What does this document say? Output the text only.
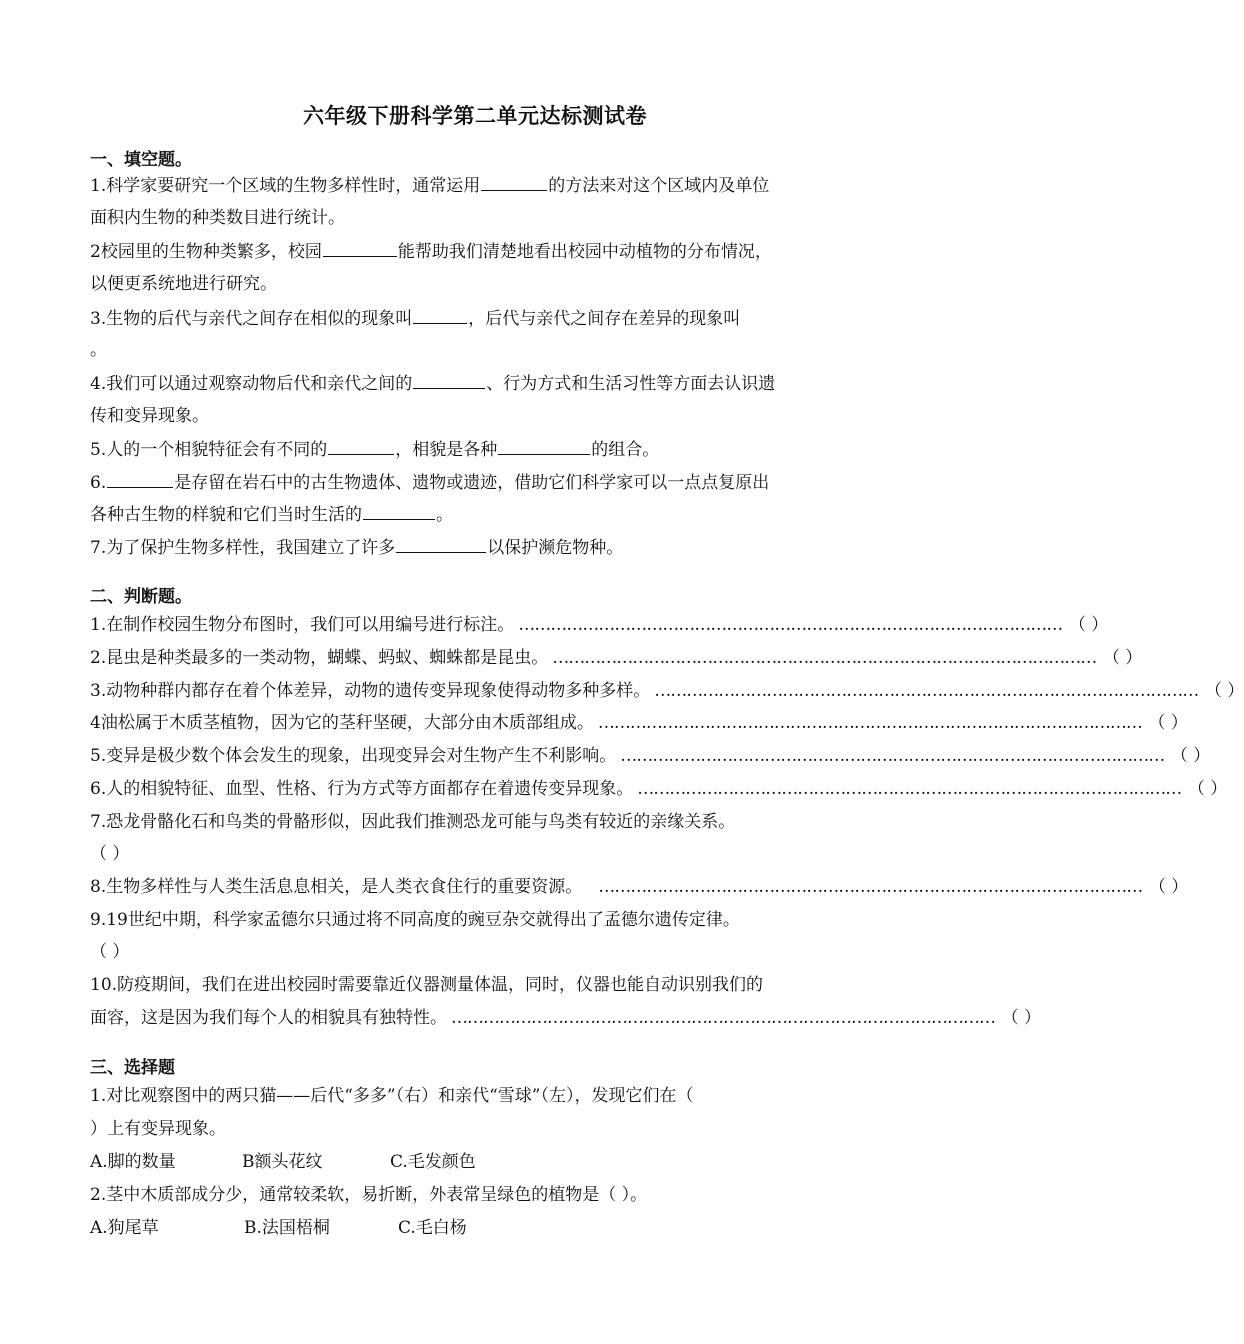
六年级下册科学第二单元达标测试卷
一、填空题。
1.科学家要研究一个区域的生物多样性时，通常运用	的方法来对这个区域内及单位
面积内生物的种类数目进行统计。
2校园里的生物种类繁多，校园	能帮助我们清楚地看出校园中动植物的分布情况，
以便更系统地进行研究。
3.生物的后代与亲代之间存在相似的现象叫	，后代与亲代之间存在差异的现象叫
。
4.我们可以通过观察动物后代和亲代之间的	、行为方式和生活习性等方面去认识遗
传和变异现象。
5.人的一个相貌特征会有不同的	，相貌是各种	的组合。
6.	是存留在岩石中的古生物遗体、遗物或遗迹，借助它们科学家可以一点点复原出
各种古生物的样貌和它们当时生活的	。
7.为了保护生物多样性，我国建立了许多	以保护濒危物种。
二、判断题。
1.在制作校园生物分布图时，我们可以用编号进行标注。 ………………………………………………………………………………………… （ ）
2.昆虫是种类最多的一类动物，蝴蝶、蚂蚁、蜘蛛都是昆虫。 ………………………………………………………………………………………… （ ）
3.动物种群内都存在着个体差异，动物的遗传变异现象使得动物多种多样。 ………………………………………………………………………………………… （ ）
4油松属于木质茎植物，因为它的茎秆坚硬，大部分由木质部组成。 ………………………………………………………………………………………… （ ）
5.变异是极少数个体会发生的现象，出现变异会对生物产生不利影响。 ………………………………………………………………………………………… （ ）
6.人的相貌特征、血型、性格、行为方式等方面都存在着遗传变异现象。 ………………………………………………………………………………………… （ ）
7.恐龙骨骼化石和鸟类的骨骼形似，因此我们推测恐龙可能与鸟类有较近的亲缘关系。
（ ）
8.生物多样性与人类生活息息相关，是人类衣食住行的重要资源。 ………………………………………………………………………………………… （ ）
9.19世纪中期，科学家孟德尔只通过将不同高度的豌豆杂交就得出了孟德尔遗传定律。
（ ）
10.防疫期间，我们在进出校园时需要靠近仪器测量体温，同时，仪器也能自动识别我们的
面容，这是因为我们每个人的相貌具有独特性。 ………………………………………………………………………………………… （ ）
三、选择题
1.对比观察图中的两只猫——后代“多多”（右）和亲代“雪球”（左），发现它们在（
）上有变异现象。
A.脚的数量	B额头花纹	C.毛发颜色
2.茎中木质部成分少，通常较柔软，易折断，外表常呈绿色的植物是（ ）。
A.狗尾草	B.法国梧桐	C.毛白杨
